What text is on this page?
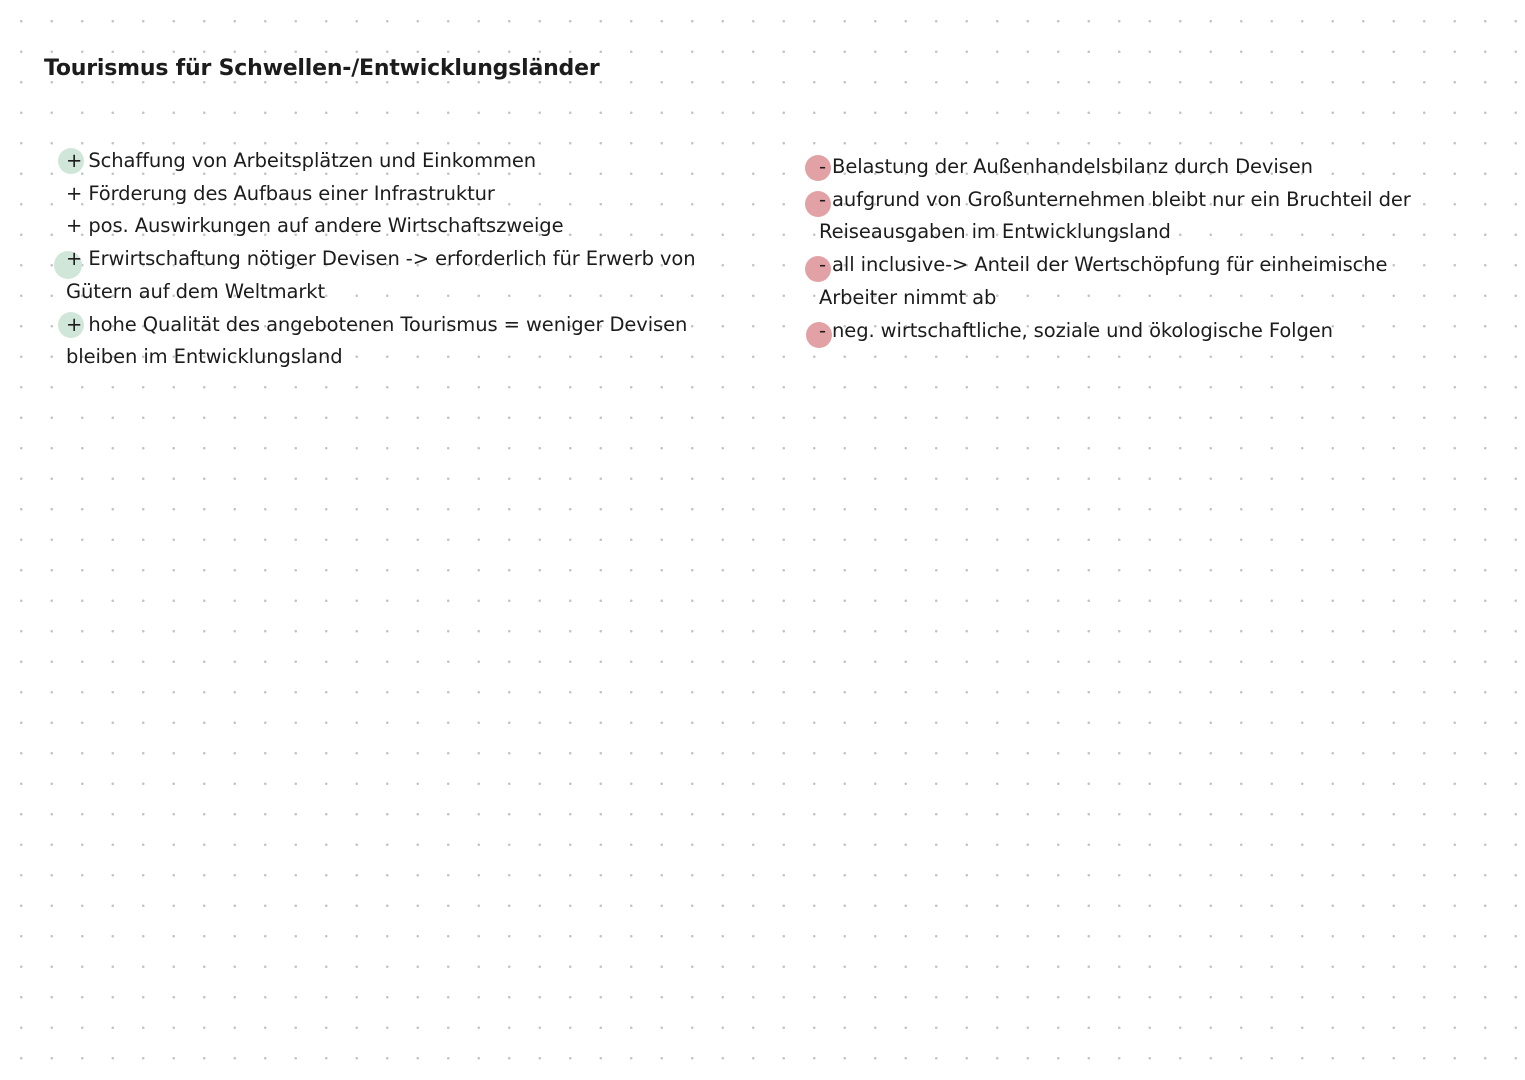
Tourismus für Schwellen-/Entwicklungsländer
+ Schaffung von Arbeitsplätzen und Einkommen
+ Förderung des Aufbaus einer Infrastruktur
+ pos. Auswirkungen auf andere Wirtschaftszweige
+ Erwirtschaftung nötiger Devisen -> erforderlich für Erwerb von
Gütern auf dem Weltmarkt
+ hohe Qualität des angebotenen Tourismus = weniger Devisen
bleiben im Entwicklungsland
- Belastung der Außenhandelsbilanz durch Devisen
- aufgrund von Großunternehmen bleibt nur ein Bruchteil der
Reiseausgaben im Entwicklungsland
- all inclusive-> Anteil der Wertschöpfung für einheimische
Arbeiter nimmt ab
- neg. wirtschaftliche, soziale und ökologische Folgen
